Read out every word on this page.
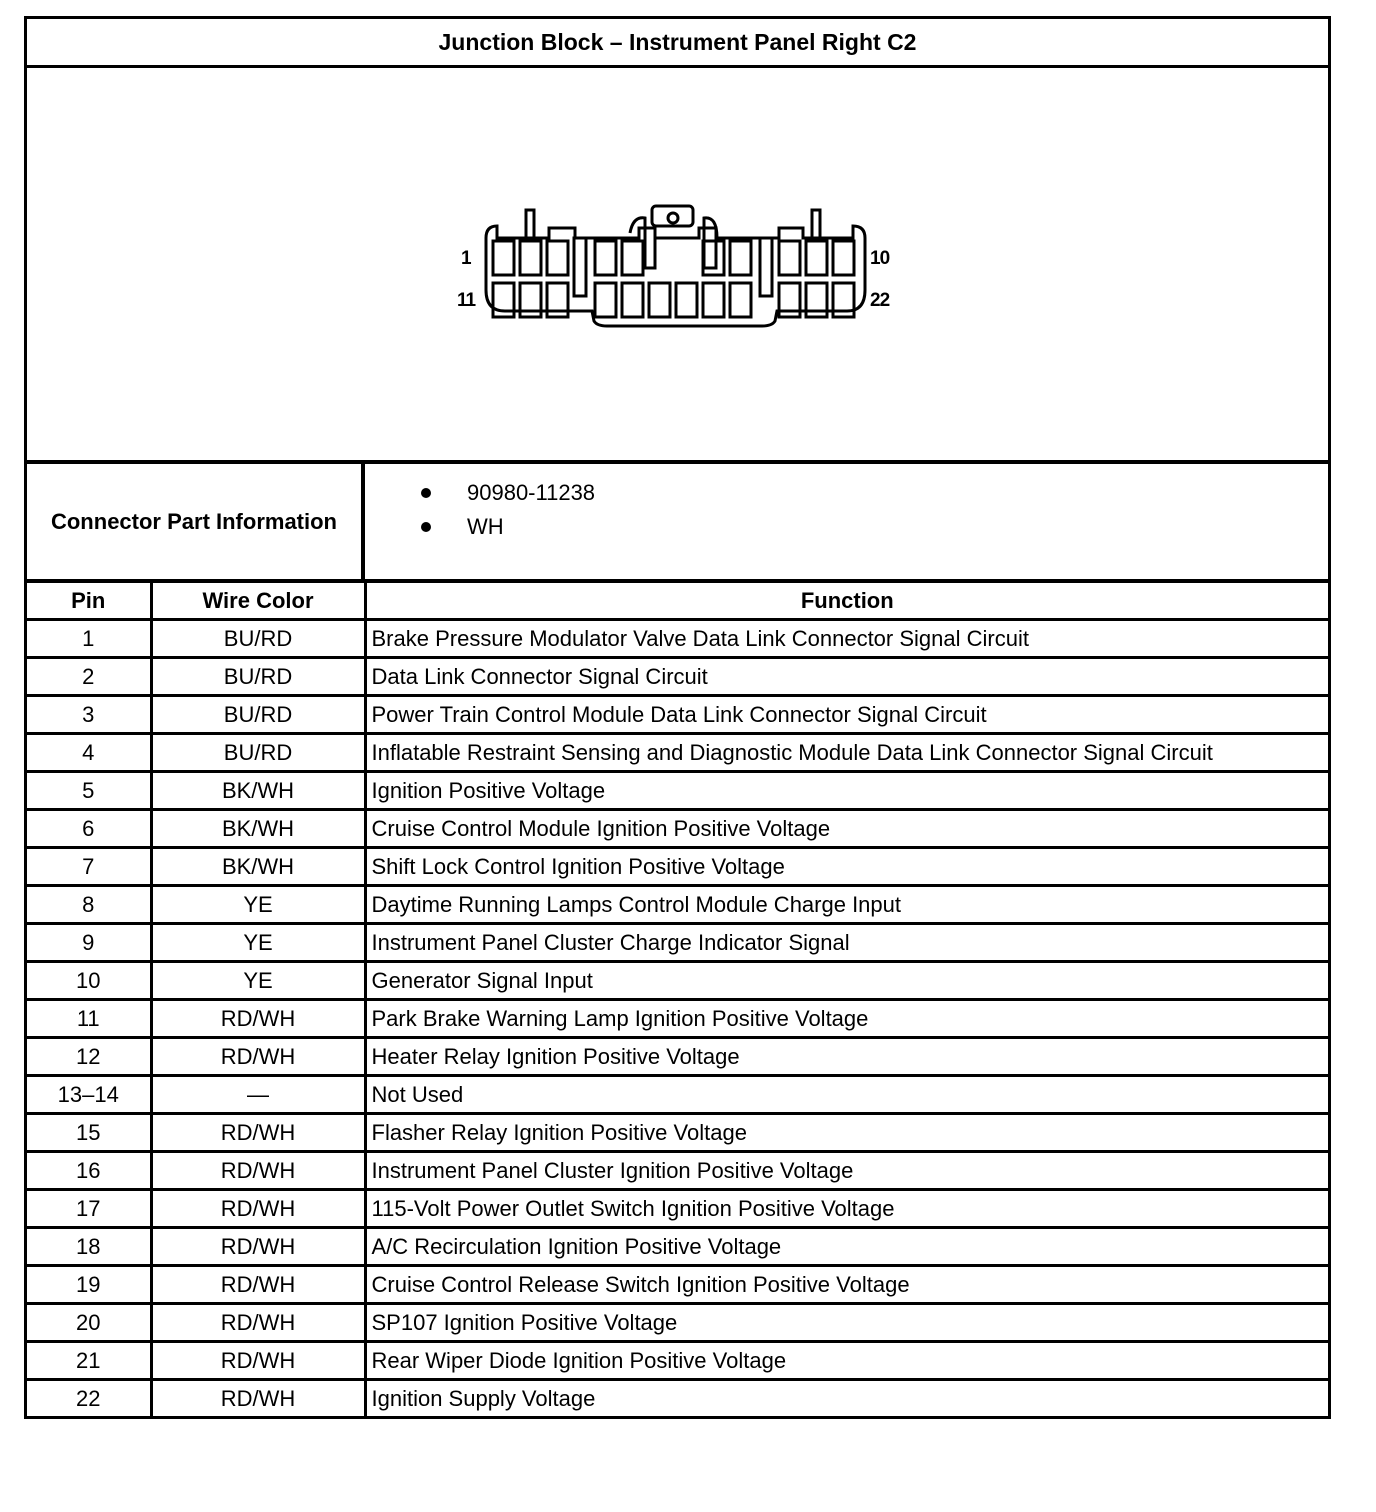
Junction Block – Instrument Panel Right C2
1	10
11	22
Connector Part Information
90980-11238
WH
Pin	Wire Color	Function
1	BU/RD	Brake Pressure Modulator Valve Data Link Connector Signal Circuit
2	BU/RD	Data Link Connector Signal Circuit
3	BU/RD	Power Train Control Module Data Link Connector Signal Circuit
4	BU/RD	Inflatable Restraint Sensing and Diagnostic Module Data Link Connector Signal Circuit
5	BK/WH	Ignition Positive Voltage
6	BK/WH	Cruise Control Module Ignition Positive Voltage
7	BK/WH	Shift Lock Control Ignition Positive Voltage
8	YE	Daytime Running Lamps Control Module Charge Input
9	YE	Instrument Panel Cluster Charge Indicator Signal
10	YE	Generator Signal Input
11	RD/WH	Park Brake Warning Lamp Ignition Positive Voltage
12	RD/WH	Heater Relay Ignition Positive Voltage
13–14	—	Not Used
15	RD/WH	Flasher Relay Ignition Positive Voltage
16	RD/WH	Instrument Panel Cluster Ignition Positive Voltage
17	RD/WH	115-Volt Power Outlet Switch Ignition Positive Voltage
18	RD/WH	A/C Recirculation Ignition Positive Voltage
19	RD/WH	Cruise Control Release Switch Ignition Positive Voltage
20	RD/WH	SP107 Ignition Positive Voltage
21	RD/WH	Rear Wiper Diode Ignition Positive Voltage
22	RD/WH	Ignition Supply Voltage
